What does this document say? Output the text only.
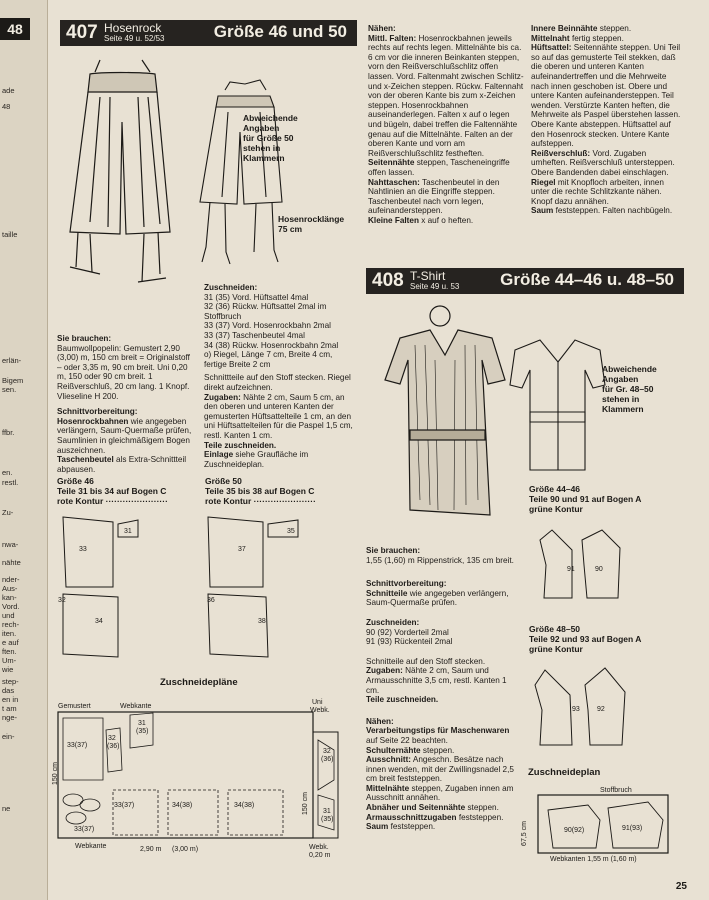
48
ade
48
taille
erlän-
Bigem
sen.
ffbr.
en.
restl.
Zu-
nwa-
nähte
nder-
Aus-
kan-
Vord.
und
rech-
iten.
e auf
ften.
Um-
wie
step-
das
en in
t am
nge-
ein-
ne
407 Hosenrock
Seite 49 u. 52/53	Größe 46 und 50
Abweichende
Angaben
für Größe 50
stehen in
Klammern
Hosenrocklänge
75 cm

Sie brauchen:

Baumwollpopelin: Gemustert 2,90 (3,00) m, 150 cm breit = Originalstoff – oder 3,35 m, 90 cm breit. Uni 0,20 m, 150 oder 90 cm breit. 1 Reißverschluß, 20 cm lang. 1 Knopf. Vlieseline H 200.

Schnittvorbereitung:

Hosenrockbahnen wie angegeben verlängern, Saum-Quermaße prüfen, Saumlinien in gleichmäßigem Bogen auszeichnen.

Taschenbeutel als Extra-Schnittteil abpausen.

Zuschneiden:

31 (35) Vord. Hüftsattel 4mal

32 (36) Rückw. Hüftsattel 2mal im Stoffbruch

33 (37) Vord. Hosenrockbahn 2mal

33 (37) Taschenbeutel 4mal

34 (38) Rückw. Hosenrockbahn 2mal

o) Riegel, Länge 7 cm, Breite 4 cm, fertige Breite 2 cm

Schnittteile auf den Stoff stecken. Riegel direkt aufzeichnen.

Zugaben: Nähte 2 cm, Saum 5 cm, an den oberen und unteren Kanten der gemusterten Hüftsattelteile 1 cm, an den uni Hüftsattelteilen für die Paspel 1,5 cm, restl. Kanten 1 cm.

Teile zuschneiden.

Einlage siehe Graufläche im Zuschneideplan.

Größe 46
Teile 31 bis 34 auf Bogen C
rote Kontur ······················
Größe 50
Teile 35 bis 38 auf Bogen C
rote Kontur ······················
33
31
32
34
37
35
36
38
Zuschneidepläne
Gemustert	Webkante
Uni
Webk.
150 cm
150 cm
33(37)
32
(36)
31
(35)
33(37)	34(38)	34(38)
33(37)
32
(36)
31
(35)
Webkante	2,90 m (3,00 m)	Webk.
0,20 m

Nähen:

Mittl. Falten: Hosenrockbahnen jeweils rechts auf rechts legen. Mittelnähte bis ca. 6 cm vor die inneren Beinkanten steppen, vorn den Reißverschlußschlitz offen lassen. Vord. Faltenmaht zwischen Schlitz- und x-Zeichen steppen. Rückw. Faltennaht von der oberen Kante bis zum x-Zeichen steppen. Hosenrockbahnen auseinanderlegen. Falten x auf o legen und bügeln, dabei treffen die Faltennähte genau auf die Mittelnähte. Falten an der oberen Kante und vorn am Reißverschlußschlitz festheften.

Seitennähte steppen, Tascheneingriffe offen lassen.

Nahttaschen: Taschenbeutel in den Nahtlinien an die Eingriffe steppen. Taschenbeutel nach vorn legen, aufeinandersteppen.

Kleine Falten x auf o heften.

Innere Beinnähte steppen.

Mittelnaht fertig steppen.

Hüftsattel: Seitennähte steppen. Uni Teil so auf das gemusterte Teil stekken, daß die oberen und unteren Kanten aufeinandertreffen und die Mehrweite nach innen geschoben ist. Obere und untere Kanten aufeinandersteppen. Teil wenden. Verstürzte Kanten heften, die Mehrweite als Paspel überstehen lassen. Obere Kante absteppen. Hüftsattel auf den Hosenrock stecken. Untere Kante aufsteppen.

Reißverschluß: Vord. Zugaben umheften. Reißverschluß untersteppen. Obere Bandenden dabei einschlagen.

Riegel mit Knopfloch arbeiten, innen unter die rechte Schlitzkante nähen. Knopf dazu annähen.

Saum feststeppen. Falten nachbügeln.

408 T-Shirt
Seite 49 u. 53 Größe 44–46 u. 48–50
Abweichende
Angaben
für Gr. 48–50
stehen in
Klammern

Sie brauchen:

1,55 (1,60) m Rippenstrick, 135 cm breit.

Schnittvorbereitung:

Schnitteile wie angegeben verlängern, Saum-Quermaße prüfen.

Zuschneiden:

90 (92) Vorderteil 2mal

91 (93) Rückenteil 2mal

Schnitteile auf den Stoff stecken.

Zugaben: Nähte 2 cm, Saum und Armausschnitte 3,5 cm, restl. Kanten 1 cm.

Teile zuschneiden.

Nähen:

Verarbeitungstips für Maschenwaren auf Seite 22 beachten.

Schulternähte steppen.

Ausschnitt: Angeschn. Besätze nach innen wenden, mit der Zwillingsnadel 2,5 cm breit feststeppen.

Mittelnähte steppen, Zugaben innen am Ausschnitt annähen.

Abnäher und Seitennähte steppen.

Armausschnittzugaben feststeppen.

Saum feststeppen.

Größe 44–46
Teile 90 und 91 auf Bogen A
grüne Kontur
91	90
Größe 48–50
Teile 92 und 93 auf Bogen A
grüne Kontur
93 92
Zuschneideplan
Stoffbruch
67,5 cm	90(92)	91(93)
Webkanten 1,55 m (1,60 m)
25
